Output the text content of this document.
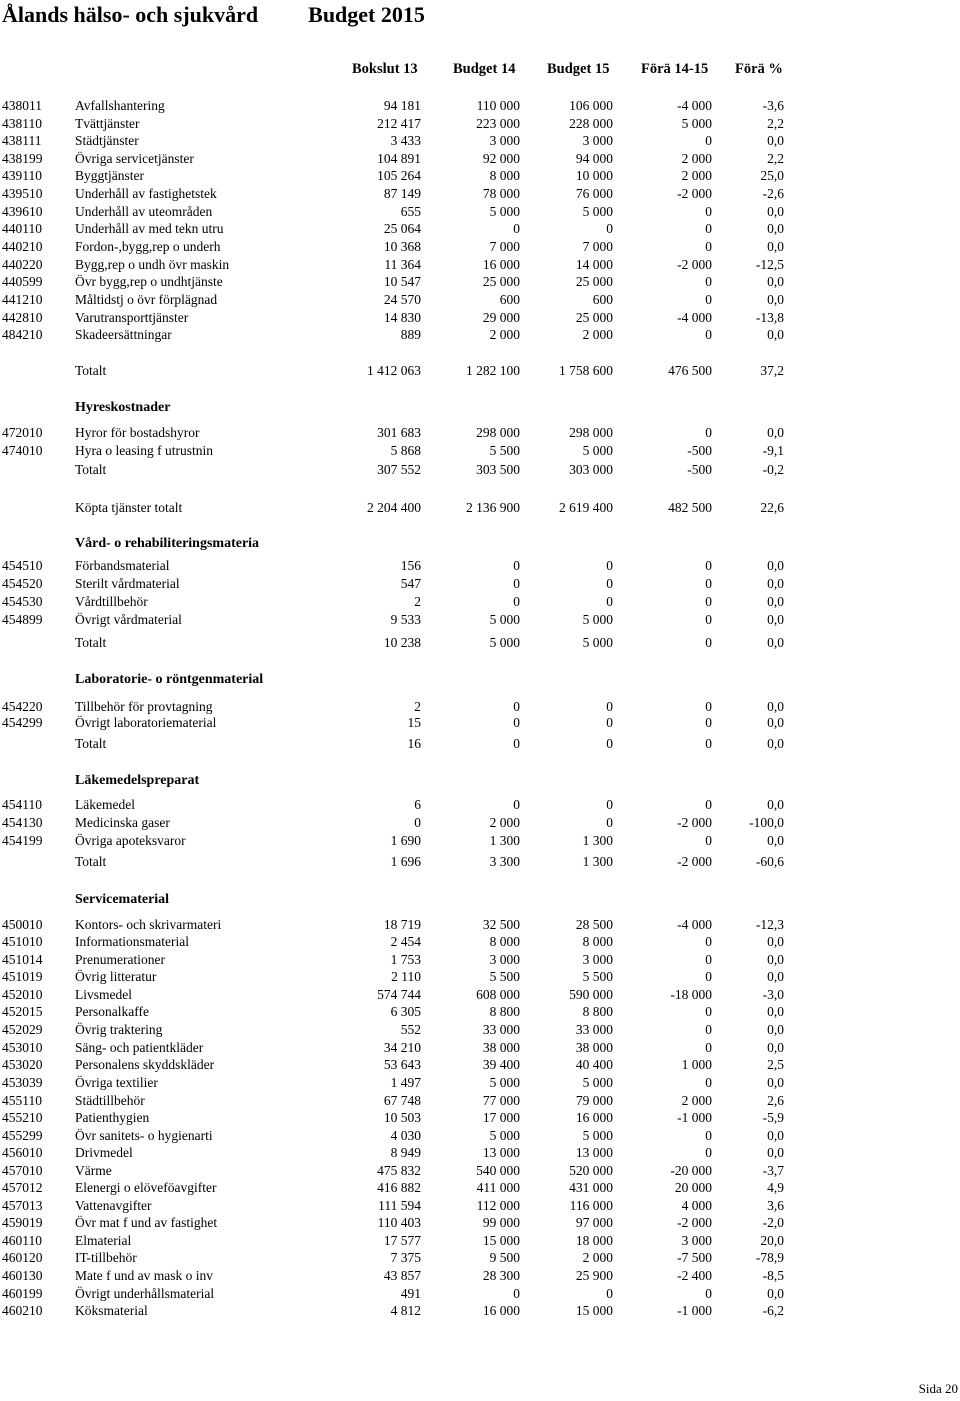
Ålands hälso- och sjukvård Budget 2015
Bokslut 13 Budget 14 Budget 15 Förä 14-15 Förä %
Hyreskostnader
Vård- o rehabiliteringsmateria
Laboratorie- o röntgenmaterial
Läkemedelspreparat
Servicematerial
438011 Avfallshantering	94 181	110 000	106 000	-4 000	-3,6
438110 Tvättjänster	212 417	223 000	228 000	5 000	2,2
438111 Städtjänster	3 433	3 000	3 000	0	0,0
438199 Övriga servicetjänster	104 891	92 000	94 000	2 000	2,2
439110 Byggtjänster	105 264	8 000	10 000	2 000	25,0
439510 Underhåll av fastighetstek	87 149	78 000	76 000	-2 000	-2,6
439610 Underhåll av uteområden	655	5 000	5 000	0	0,0
440110 Underhåll av med tekn utru	25 064	0	0	0	0,0
440210 Fordon-,bygg,rep o underh	10 368	7 000	7 000	0	0,0
440220 Bygg,rep o undh övr maskin	11 364	16 000	14 000	-2 000	-12,5
440599 Övr bygg,rep o undhtjänste	10 547	25 000	25 000	0	0,0
441210 Måltidstj o övr förplägnad	24 570	600	600	0	0,0
442810 Varutransporttjänster	14 830	29 000	25 000	-4 000	-13,8
484210 Skadeersättningar	889	2 000	2 000	0	0,0
Totalt	1 412 063	1 282 100	1 758 600	476 500	37,2
472010 Hyror för bostadshyror	301 683	298 000	298 000	0	0,0
474010 Hyra o leasing f utrustnin	5 868	5 500	5 000	-500	-9,1
Totalt	307 552	303 500	303 000	-500	-0,2
Köpta tjänster totalt	2 204 400	2 136 900	2 619 400	482 500	22,6
454510 Förbandsmaterial	156	0	0	0	0,0
454520 Sterilt vårdmaterial	547	0	0	0	0,0
454530 Vårdtillbehör	2	0	0	0	0,0
454899 Övrigt vårdmaterial	9 533	5 000	5 000	0	0,0
Totalt	10 238	5 000	5 000	0	0,0
454220 Tillbehör för provtagning	2	0	0	0	0,0
454299 Övrigt laboratoriematerial	15	0	0	0	0,0
Totalt	16	0	0	0	0,0
454110 Läkemedel	6	0	0	0	0,0
454130 Medicinska gaser	0	2 000	0	-2 000	-100,0
454199 Övriga apoteksvaror	1 690	1 300	1 300	0	0,0
Totalt	1 696	3 300	1 300	-2 000	-60,6
450010 Kontors- och skrivarmateri	18 719	32 500	28 500	-4 000	-12,3
451010 Informationsmaterial	2 454	8 000	8 000	0	0,0
451014 Prenumerationer	1 753	3 000	3 000	0	0,0
451019 Övrig litteratur	2 110	5 500	5 500	0	0,0
452010 Livsmedel	574 744	608 000	590 000	-18 000	-3,0
452015 Personalkaffe	6 305	8 800	8 800	0	0,0
452029 Övrig traktering	552	33 000	33 000	0	0,0
453010 Säng- och patientkläder	34 210	38 000	38 000	0	0,0
453020 Personalens skyddskläder	53 643	39 400	40 400	1 000	2,5
453039 Övriga textilier	1 497	5 000	5 000	0	0,0
455110 Städtillbehör	67 748	77 000	79 000	2 000	2,6
455210 Patienthygien	10 503	17 000	16 000	-1 000	-5,9
455299 Övr sanitets- o hygienarti	4 030	5 000	5 000	0	0,0
456010 Drivmedel	8 949	13 000	13 000	0	0,0
457010 Värme	475 832	540 000	520 000	-20 000	-3,7
457012 Elenergi o elöveföavgifter	416 882	411 000	431 000	20 000	4,9
457013 Vattenavgifter	111 594	112 000	116 000	4 000	3,6
459019 Övr mat f und av fastighet	110 403	99 000	97 000	-2 000	-2,0
460110 Elmaterial	17 577	15 000	18 000	3 000	20,0
460120 IT-tillbehör	7 375	9 500	2 000	-7 500	-78,9
460130 Mate f und av mask o inv	43 857	28 300	25 900	-2 400	-8,5
460199 Övrigt underhållsmaterial	491	0	0	0	0,0
460210 Köksmaterial	4 812	16 000	15 000	-1 000	-6,2
Sida 20
